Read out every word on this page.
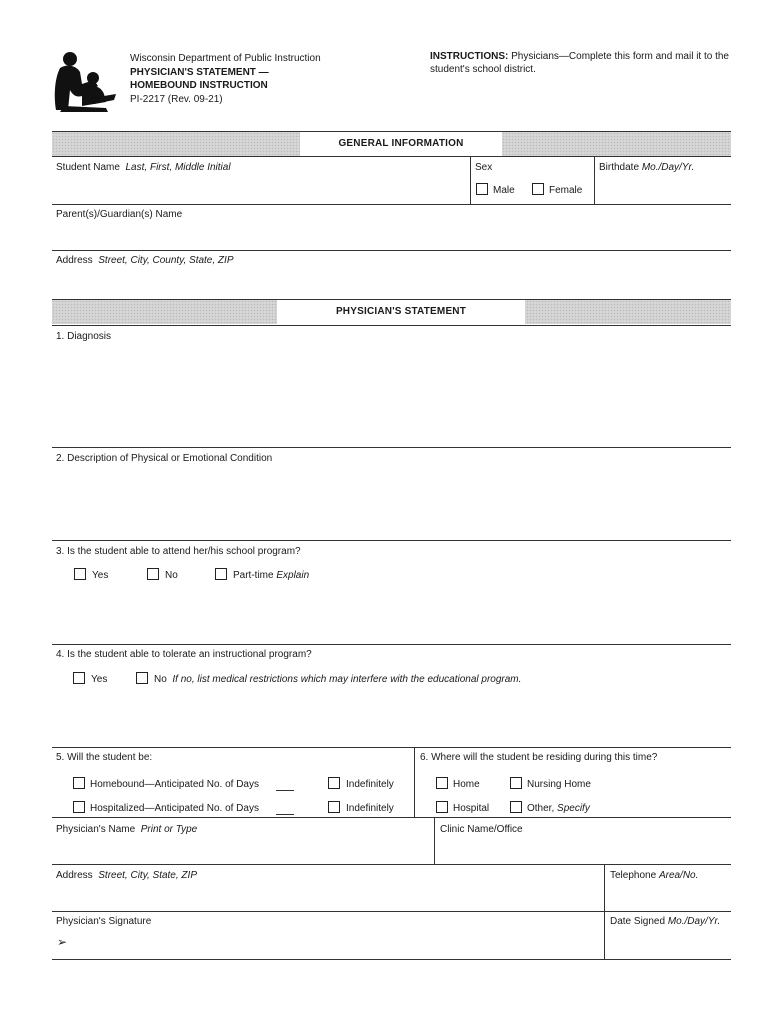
Wisconsin Department of Public Instruction
PHYSICIAN'S STATEMENT —
HOMEBOUND INSTRUCTION
PI-2217 (Rev. 09-21)
INSTRUCTIONS: Physicians—Complete this form and mail it to the student's school district.
GENERAL INFORMATION
Student Name Last, First, Middle Initial	Sex
Male	Female
Birthdate Mo./Day/Yr.
Parent(s)/Guardian(s) Name
Address Street, City, County, State, ZIP
PHYSICIAN'S STATEMENT
1. Diagnosis
2. Description of Physical or Emotional Condition
3. Is the student able to attend her/his school program?
Yes	No	Part-time Explain
4. Is the student able to tolerate an instructional program?
Yes	No If no, list medical restrictions which may interfere with the educational program.
5. Will the student be:
Homebound—Anticipated No. of Days	Indefinitely
Hospitalized—Anticipated No. of Days	Indefinitely
6. Where will the student be residing during this time?
Home	Nursing Home
Hospital	Other, Specify
Physician's Name Print or Type	Clinic Name/Office
Address Street, City, State, ZIP	Telephone Area/No.
Physician's Signature
➢
Date Signed Mo./Day/Yr.
